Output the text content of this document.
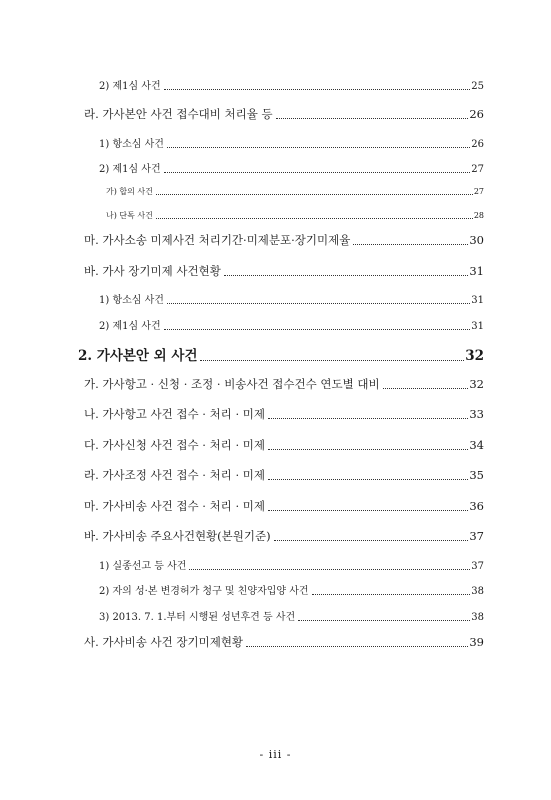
2) 제1심 사건	25
라. 가사본안 사건 접수대비 처리율 등	26
1) 항소심 사건	26
2) 제1심 사건	27
가) 합의 사건	27
나) 단독 사건	28
마. 가사소송 미제사건 처리기간·미제분포·장기미제율	30
바. 가사 장기미제 사건현황	31
1) 항소심 사건	31
2) 제1심 사건	31
2. 가사본안 외 사건	32
가. 가사항고 · 신청 · 조정 · 비송사건 접수건수 연도별 대비	32
나. 가사항고 사건 접수 · 처리 · 미제	33
다. 가사신청 사건 접수 · 처리 · 미제	34
라. 가사조정 사건 접수 · 처리 · 미제	35
마. 가사비송 사건 접수 · 처리 · 미제	36
바. 가사비송 주요사건현황(본원기준)	37
1) 실종선고 등 사건	37
2) 자의 성·본 변경허가 청구 및 친양자입양 사건	38
3) 2013. 7. 1.부터 시행된 성년후견 등 사건	38
사. 가사비송 사건 장기미제현황	39
- iii -
